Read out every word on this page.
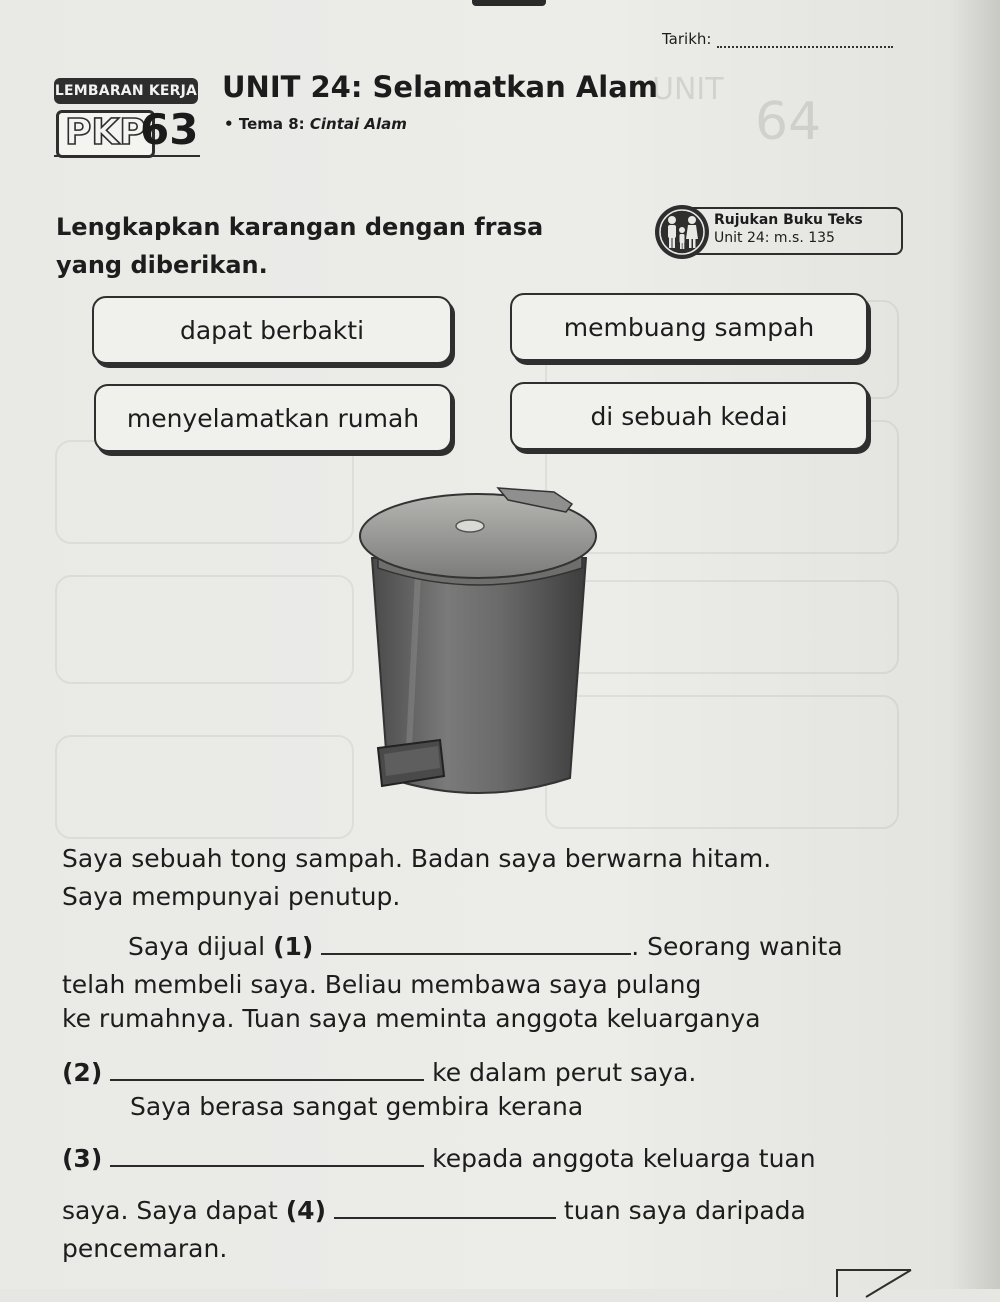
UNIT
64
Tarikh:
LEMBARAN KERJA
PKP
63
UNIT 24: Selamatkan Alam
• Tema 8: Cintai Alam
Lengkapkan karangan dengan frasa yang diberikan.
Rujukan Buku Teks
Unit 24: m.s. 135
dapat berbakti	membuang sampah
menyelamatkan rumah	di sebuah kedai
Saya sebuah tong sampah. Badan saya berwarna hitam.
Saya mempunyai penutup.
Saya dijual (1)	. Seorang wanita
telah membeli saya. Beliau membawa saya pulang
ke rumahnya. Tuan saya meminta anggota keluarganya
(2)	ke dalam perut saya.
Saya berasa sangat gembira kerana
(3)	kepada anggota keluarga tuan
saya. Saya dapat (4)	tuan saya daripada
pencemaran.
